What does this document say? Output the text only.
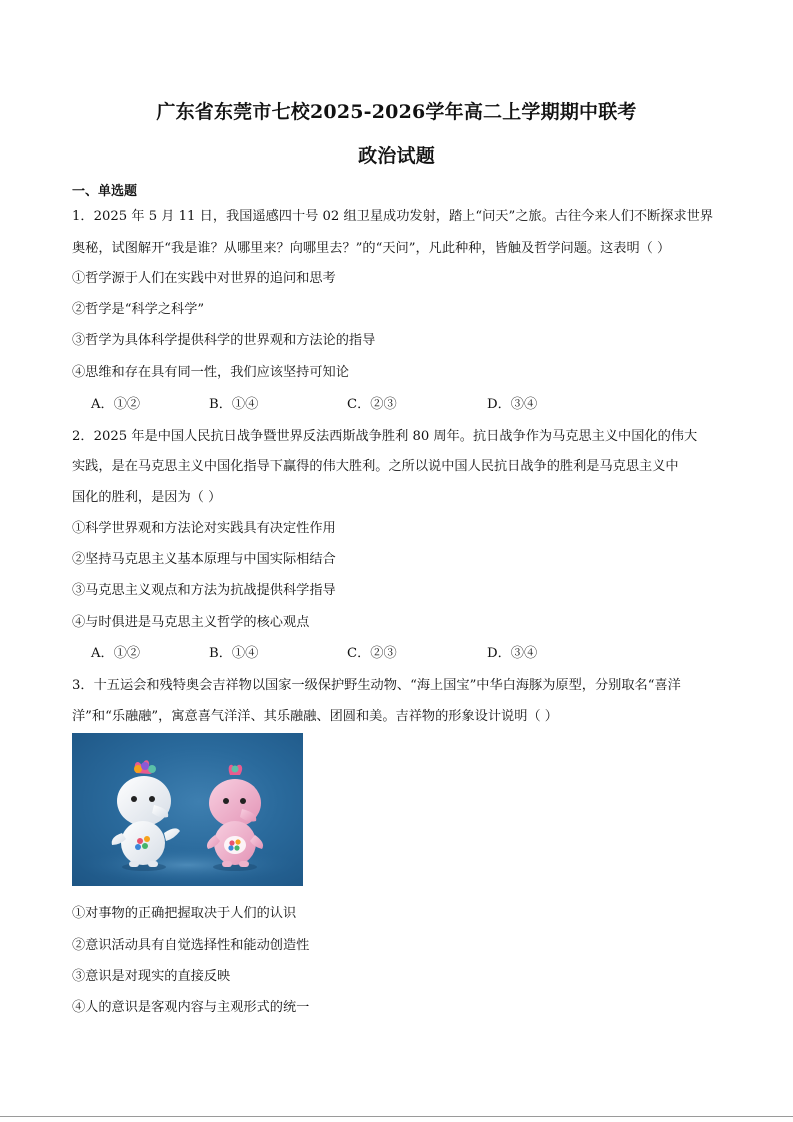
广东省东莞市七校2025-2026学年高二上学期期中联考
政治试题
一、单选题
1．2025 年 5 月 11 日，我国遥感四十号 02 组卫星成功发射，踏上“问天”之旅。古往今来人们不断探求世界
奥秘，试图解开“我是谁？从哪里来？向哪里去？”的“天问”，凡此种种，皆触及哲学问题。这表明（ ）
①哲学源于人们在实践中对世界的追问和思考
②哲学是“科学之科学”
③哲学为具体科学提供科学的世界观和方法论的指导
④思维和存在具有同一性，我们应该坚持可知论
A．①②	B．①④	C．②③	D．③④
2．2025 年是中国人民抗日战争暨世界反法西斯战争胜利 80 周年。抗日战争作为马克思主义中国化的伟大
实践，是在马克思主义中国化指导下赢得的伟大胜利。之所以说中国人民抗日战争的胜利是马克思主义中
国化的胜利，是因为（ ）
①科学世界观和方法论对实践具有决定性作用
②坚持马克思主义基本原理与中国实际相结合
③马克思主义观点和方法为抗战提供科学指导
④与时俱进是马克思主义哲学的核心观点
A．①②	B．①④	C．②③	D．③④
3．十五运会和残特奥会吉祥物以国家一级保护野生动物、“海上国宝”中华白海豚为原型，分别取名“喜洋
洋”和“乐融融”，寓意喜气洋洋、其乐融融、团圆和美。吉祥物的形象设计说明（ ）
①对事物的正确把握取决于人们的认识
②意识活动具有自觉选择性和能动创造性
③意识是对现实的直接反映
④人的意识是客观内容与主观形式的统一
